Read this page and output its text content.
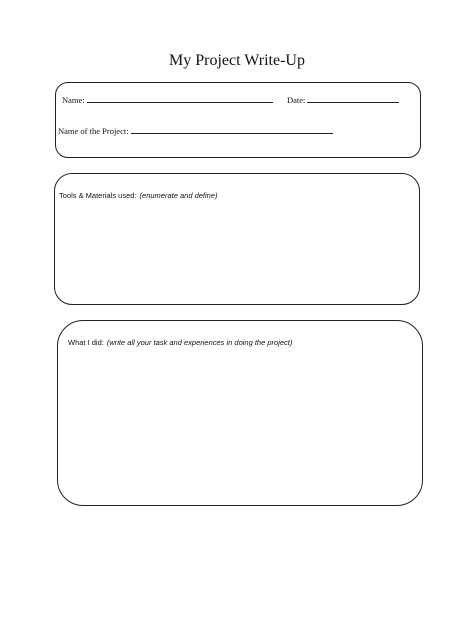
My Project Write-Up
Name:	Date:
Name of the Project:
Tools & Materials used: (enumerate and define)
What I did: (write all your task and experiences in doing the project)
